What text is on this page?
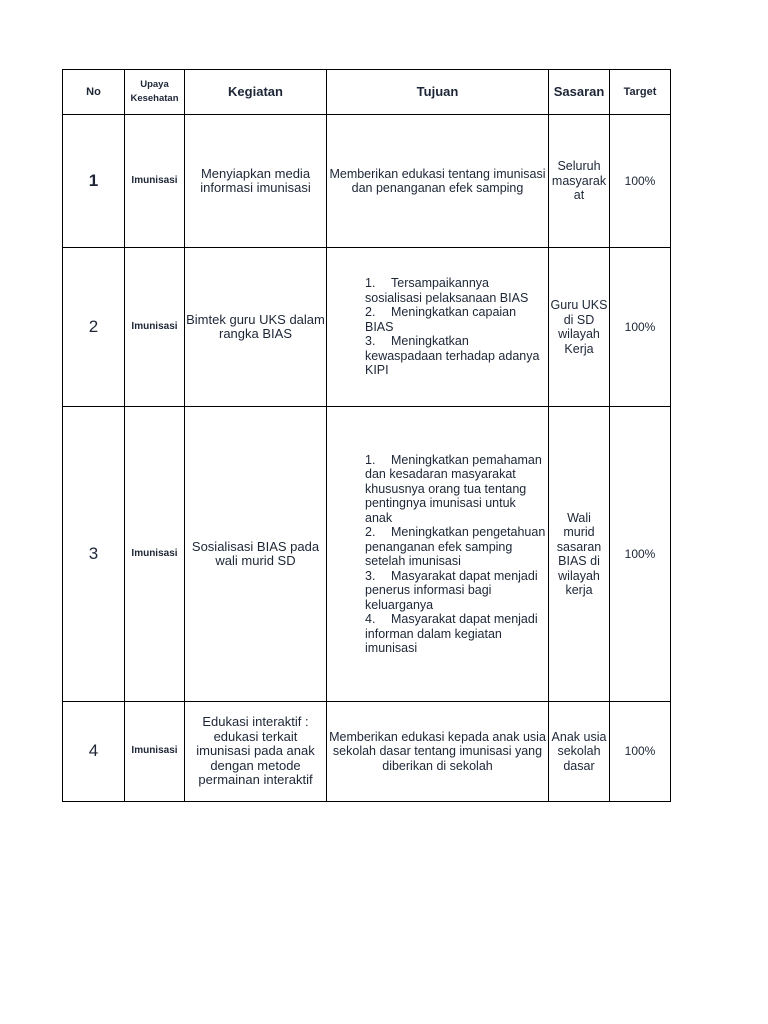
No	Upaya Kesehatan	Kegiatan	Tujuan	Sasaran	Target
1	Imunisasi	Menyiapkan media informasi imunisasi	Memberikan edukasi tentang imunisasi dan penanganan efek samping	Seluruh masyarak at	100%
2	Imunisasi	Bimtek guru UKS dalam rangka BIAS	1. Tersampaikannya sosialisasi pelaksanaan BIAS
2. Meningkatkan capaian BIAS
3. Meningkatkan kewaspadaan terhadap adanya KIPI	Guru UKS di SD wilayah Kerja	100%
3	Imunisasi	Sosialisasi BIAS pada wali murid SD	1. Meningkatkan pemahaman dan kesadaran masyarakat khususnya orang tua tentang pentingnya imunisasi untuk anak
2. Meningkatkan pengetahuan penanganan efek samping setelah imunisasi
3. Masyarakat dapat menjadi penerus informasi bagi keluarganya
4. Masyarakat dapat menjadi informan dalam kegiatan imunisasi	Wali murid sasaran BIAS di wilayah kerja	100%
4	Imunisasi	Edukasi interaktif : edukasi terkait imunisasi pada anak dengan metode permainan interaktif	Memberikan edukasi kepada anak usia sekolah dasar tentang imunisasi yang diberikan di sekolah	Anak usia sekolah dasar	100%
